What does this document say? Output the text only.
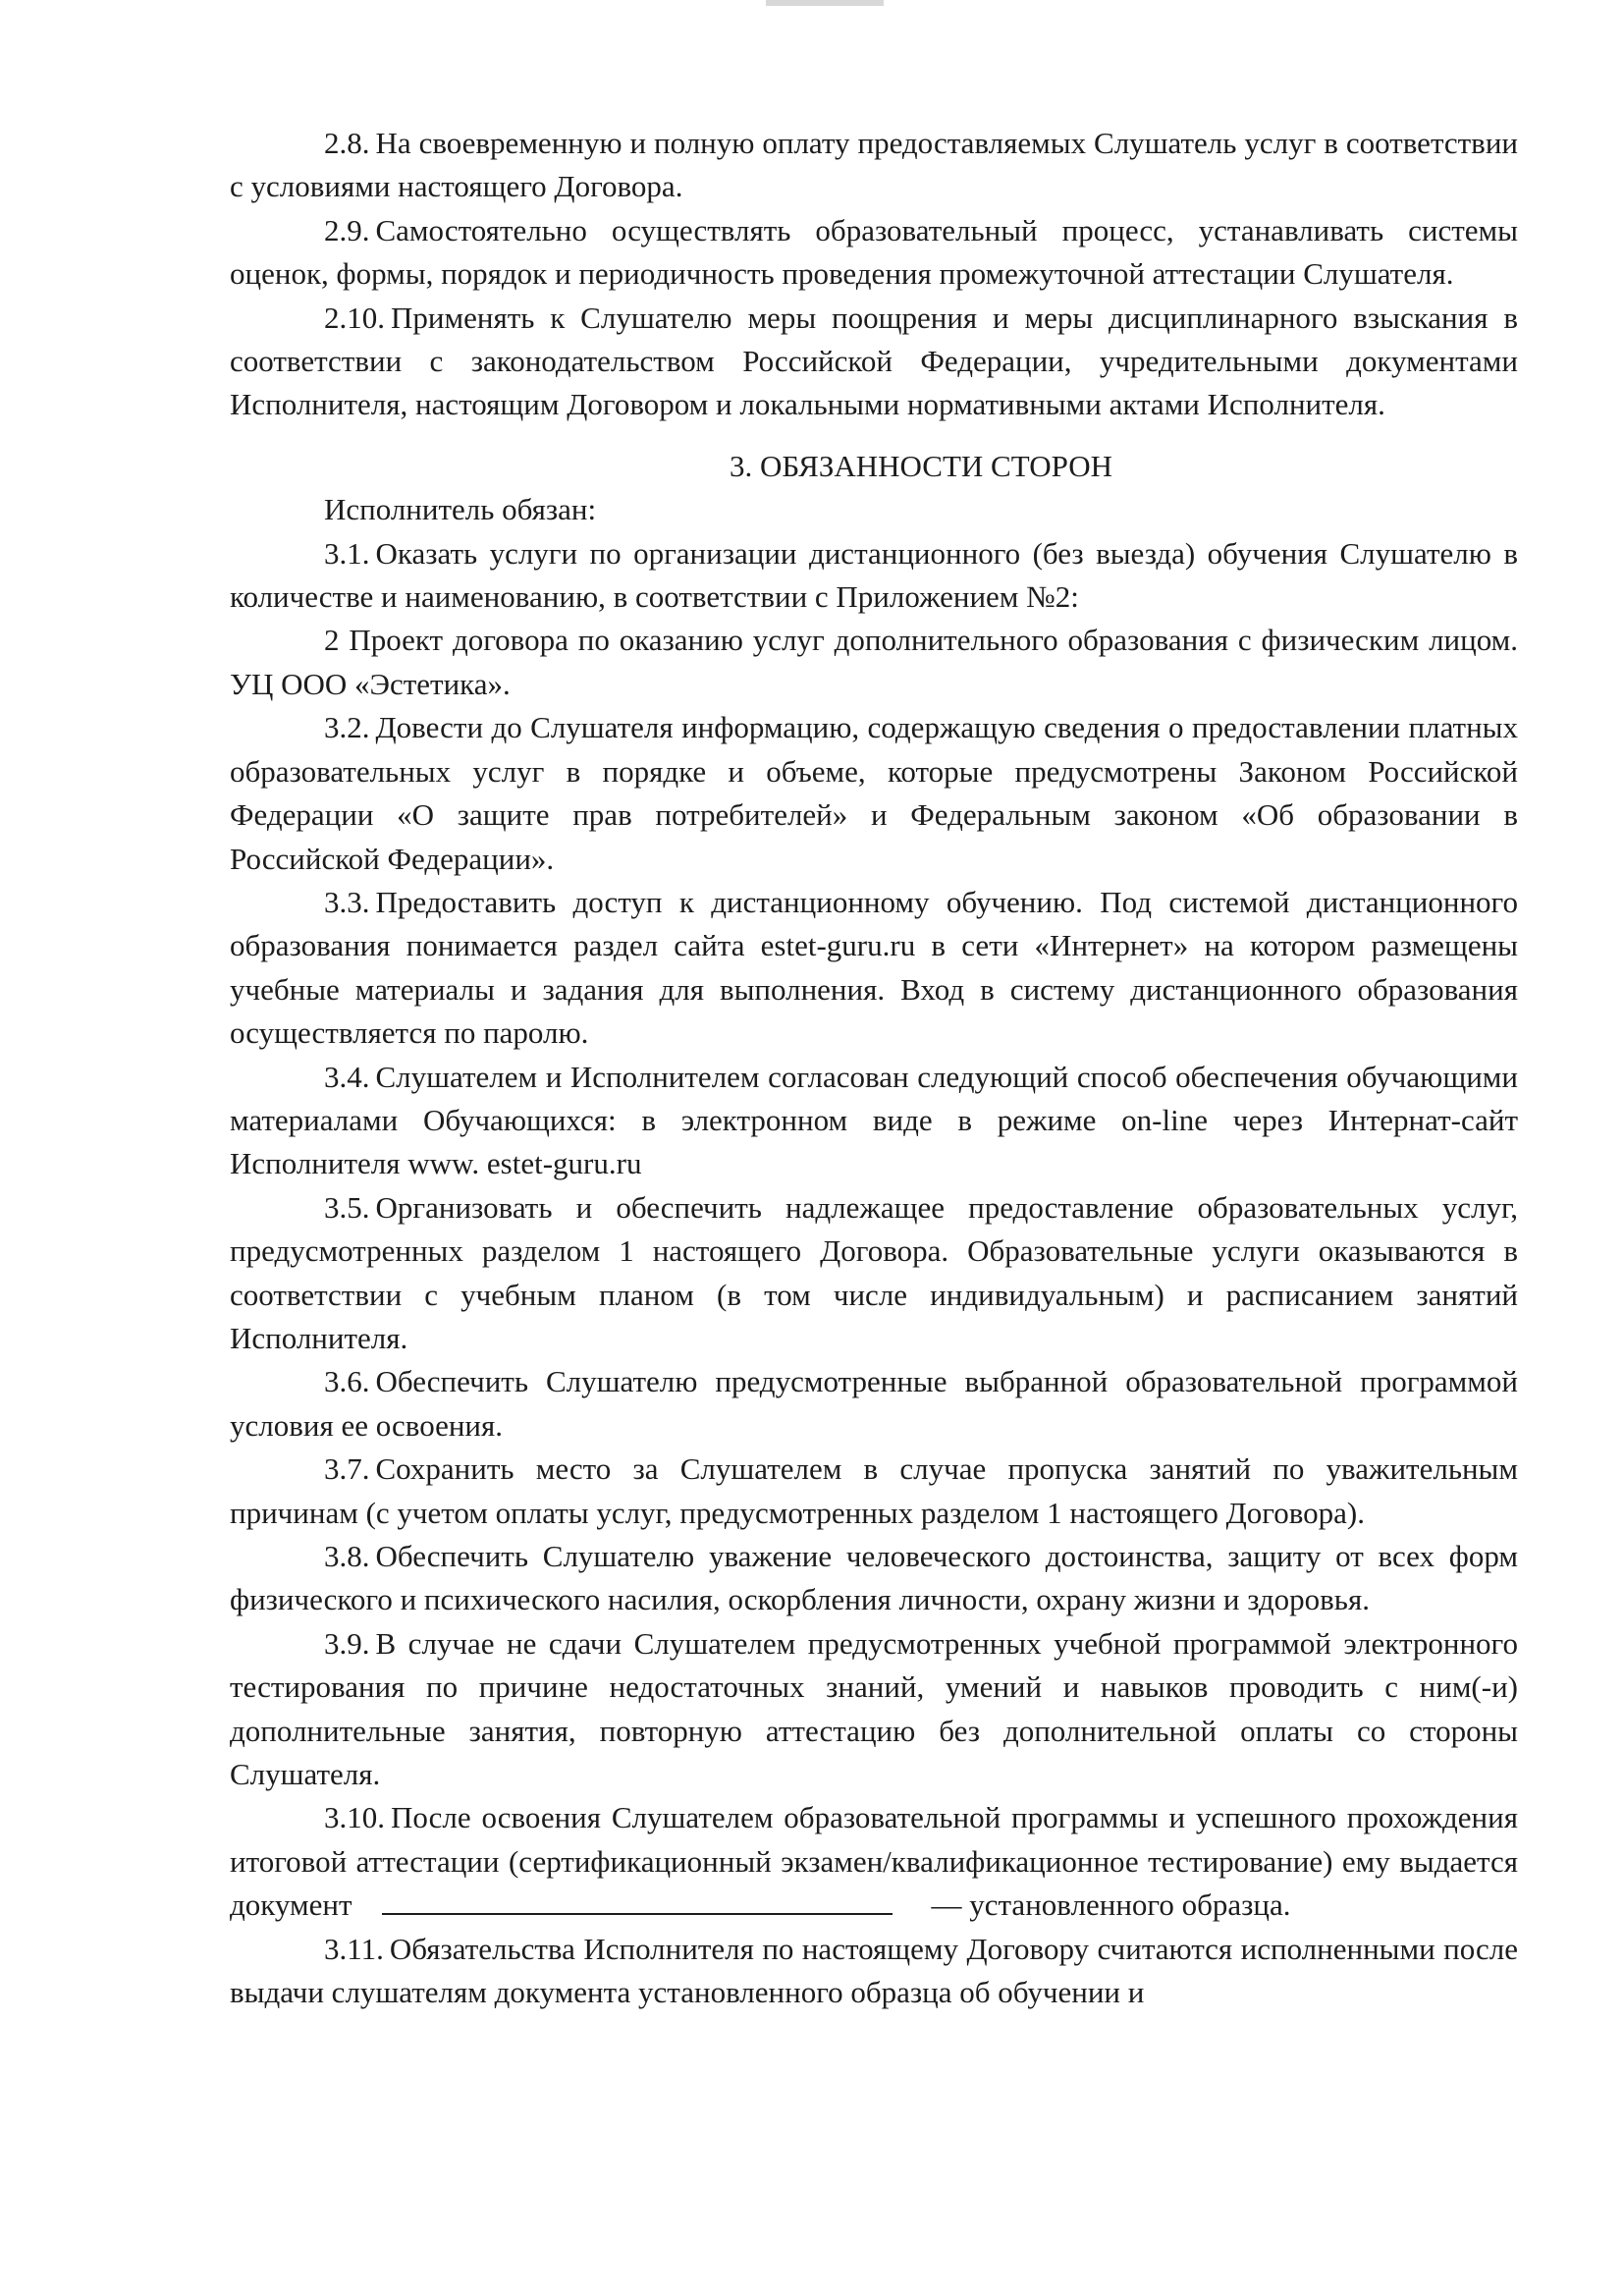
2.8. На своевременную и полную оплату предоставляемых Слушатель услуг в соответствии с условиями настоящего Договора.

2.9. Самостоятельно осуществлять образовательный процесс, устанавливать системы оценок, формы, порядок и периодичность проведения промежуточной аттестации Слушателя.

2.10. Применять к Слушателю меры поощрения и меры дисциплинарного взыскания в соответствии с законодательством Российской Федерации, учредительными документами Исполнителя, настоящим Договором и локальными нормативными актами Исполнителя.

3. ОБЯЗАННОСТИ СТОРОН

Исполнитель обязан:

3.1. Оказать услуги по организации дистанционного (без выезда) обучения Слушателю в количестве и наименованию, в соответствии с Приложением №2:

2 Проект договора по оказанию услуг дополнительного образования с физическим лицом. УЦ ООО «Эстетика».

3.2. Довести до Слушателя информацию, содержащую сведения о предоставлении платных образовательных услуг в порядке и объеме, которые предусмотрены Законом Российской Федерации «О защите прав потребителей» и Федеральным законом «Об образовании в Российской Федерации».

3.3. Предоставить доступ к дистанционному обучению. Под системой дистанционного образования понимается раздел сайта estet-guru.ru в сети «Интернет» на котором размещены учебные материалы и задания для выполнения. Вход в систему дистанционного образования осуществляется по паролю.

3.4. Слушателем и Исполнителем согласован следующий способ обеспечения обучающими материалами Обучающихся: в электронном виде в режиме on-line через Интернат-сайт Исполнителя www. estet-guru.ru

3.5. Организовать и обеспечить надлежащее предоставление образовательных услуг, предусмотренных разделом 1 настоящего Договора. Образовательные услуги оказываются в соответствии с учебным планом (в том числе индивидуальным) и расписанием занятий Исполнителя.

3.6. Обеспечить Слушателю предусмотренные выбранной образовательной программой условия ее освоения.

3.7. Сохранить место за Слушателем в случае пропуска занятий по уважительным причинам (с учетом оплаты услуг, предусмотренных разделом 1 настоящего Договора).

3.8. Обеспечить Слушателю уважение человеческого достоинства, защиту от всех форм физического и психического насилия, оскорбления личности, охрану жизни и здоровья.

3.9. В случае не сдачи Слушателем предусмотренных учебной программой электронного тестирования по причине недостаточных знаний, умений и навыков проводить с ним(-и) дополнительные занятия, повторную аттестацию без дополнительной оплаты со стороны Слушателя.

3.10. После освоения Слушателем образовательной программы и успешного прохождения итоговой аттестации (сертификационный экзамен/квалификационное тестирование) ему выдается документ	— установленного образца.

3.11. Обязательства Исполнителя по настоящему Договору считаются исполненными после выдачи слушателям документа установленного образца об обучении и
